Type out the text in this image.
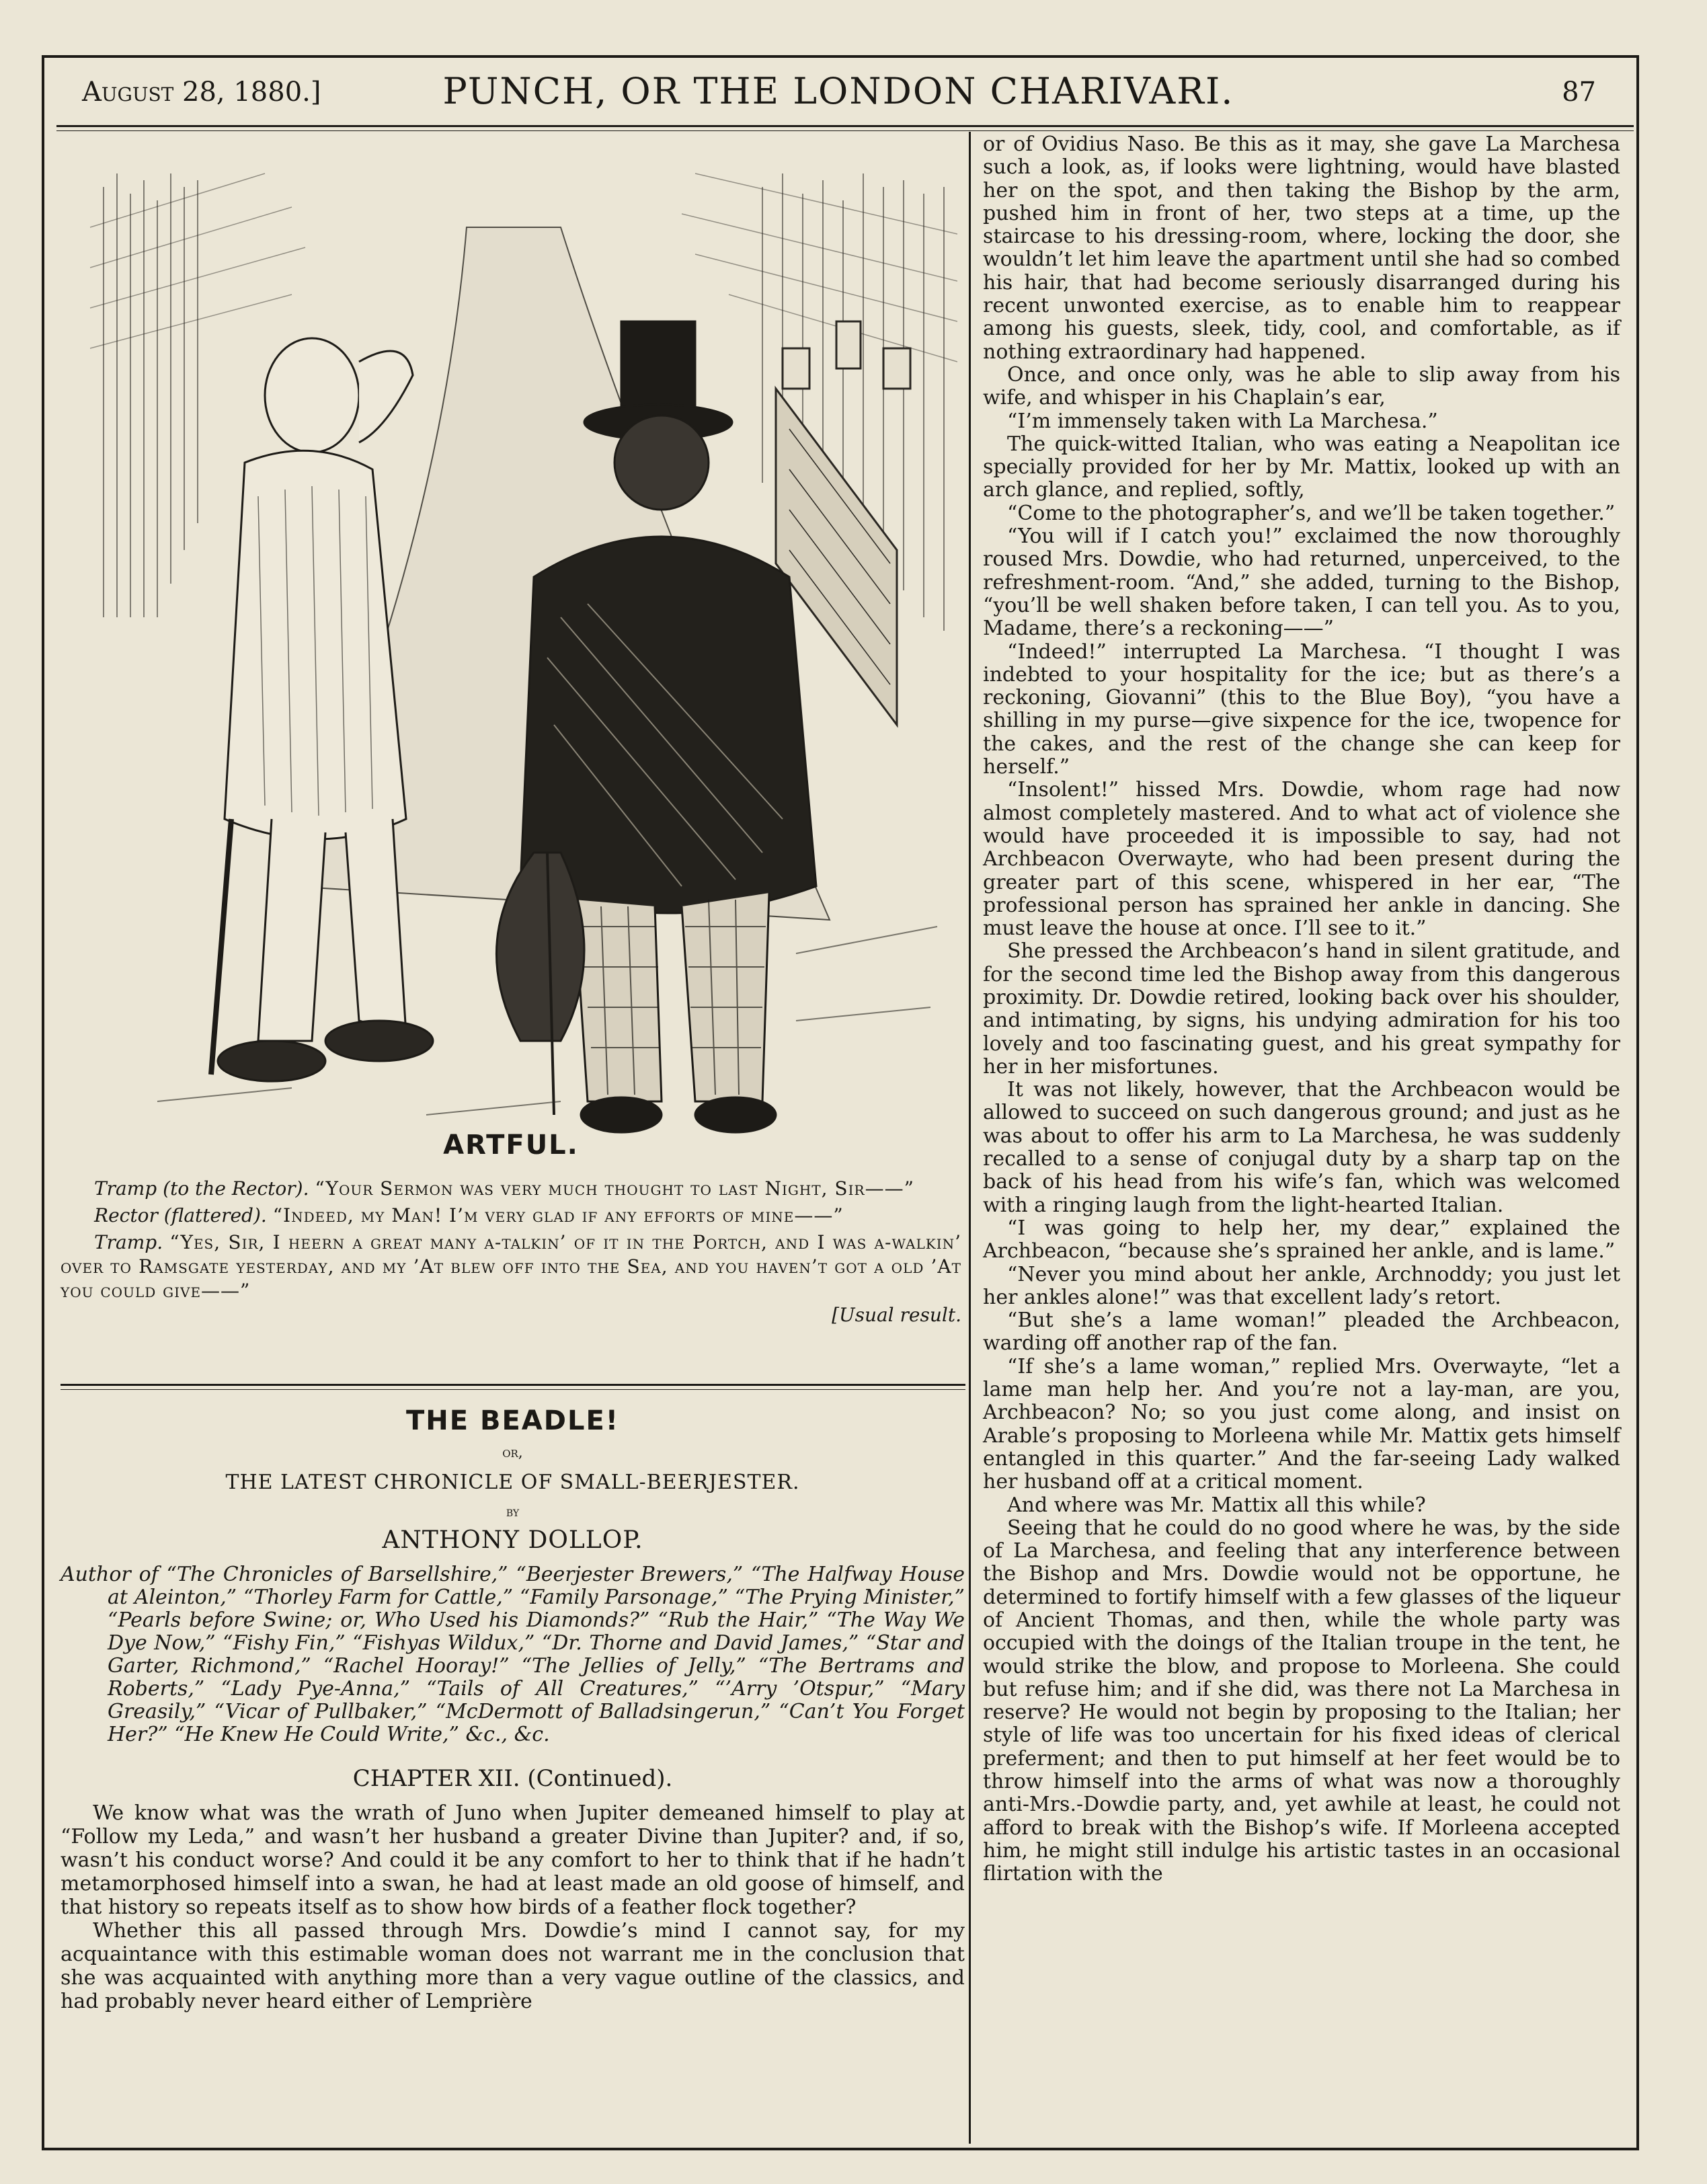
August 28, 1880.]	PUNCH, OR THE LONDON CHARIVARI.	87
ARTFUL.

Tramp (to the Rector). “Your Sermon was very much thought to last Night, Sir——”

Rector (flattered). “Indeed, my Man! I’m very glad if any efforts of mine——”

Tramp. “Yes, Sir, I heern a great many a-talkin’ of it in the Portch, and I was a-walkin’ over to Ramsgate yesterday, and my ’At blew off into the Sea, and you haven’t got a old ’At you could give——”

[Usual result.
THE BEADLE!
or,
THE LATEST CHRONICLE OF SMALL-BEERJESTER.
by
ANTHONY DOLLOP.

Author of “The Chronicles of Barsellshire,” “Beerjester Brewers,” “The Halfway House at Aleinton,” “Thorley Farm for Cattle,” “Family Parsonage,” “The Prying Minister,” “Pearls before Swine; or, Who Used his Diamonds?” “Rub the Hair,” “The Way We Dye Now,” “Fishy Fin,” “Fishyas Wildux,” “Dr. Thorne and David James,” “Star and Garter, Richmond,” “Rachel Hooray!” “The Jellies of Jelly,” “The Bertrams and Roberts,” “Lady Pye-Anna,” “Tails of All Creatures,” “’Arry ’Otspur,” “Mary Greasily,” “Vicar of Pullbaker,” “McDermott of Balladsingerun,” “Can’t You Forget Her?” “He Knew He Could Write,” &c., &c.

CHAPTER XII. (Continued).

We know what was the wrath of Juno when Jupiter demeaned himself to play at “Follow my Leda,” and wasn’t her husband a greater Divine than Jupiter? and, if so, wasn’t his conduct worse? And could it be any comfort to her to think that if he hadn’t metamorphosed himself into a swan, he had at least made an old goose of himself, and that history so repeats itself as to show how birds of a feather flock together?

Whether this all passed through Mrs. Dowdie’s mind I cannot say, for my acquaintance with this estimable woman does not warrant me in the conclusion that she was acquainted with anything more than a very vague outline of the classics, and had probably never heard either of Lemprière

or of Ovidius Naso. Be this as it may, she gave La Marchesa such a look, as, if looks were lightning, would have blasted her on the spot, and then taking the Bishop by the arm, pushed him in front of her, two steps at a time, up the staircase to his dressing-room, where, locking the door, she wouldn’t let him leave the apartment until she had so combed his hair, that had become seriously disarranged during his recent unwonted exercise, as to enable him to reappear among his guests, sleek, tidy, cool, and comfortable, as if nothing extraordinary had happened.

Once, and once only, was he able to slip away from his wife, and whisper in his Chaplain’s ear,

“I’m immensely taken with La Marchesa.”

The quick-witted Italian, who was eating a Neapolitan ice specially provided for her by Mr. Mattix, looked up with an arch glance, and replied, softly,

“Come to the photographer’s, and we’ll be taken together.”

“You will if I catch you!” exclaimed the now thoroughly roused Mrs. Dowdie, who had returned, unperceived, to the refreshment-room. “And,” she added, turning to the Bishop, “you’ll be well shaken before taken, I can tell you. As to you, Madame, there’s a reckoning——”

“Indeed!” interrupted La Marchesa. “I thought I was indebted to your hospitality for the ice; but as there’s a reckoning, Giovanni” (this to the Blue Boy), “you have a shilling in my purse—give sixpence for the ice, twopence for the cakes, and the rest of the change she can keep for herself.”

“Insolent!” hissed Mrs. Dowdie, whom rage had now almost completely mastered. And to what act of violence she would have proceeded it is impossible to say, had not Archbeacon Overwayte, who had been present during the greater part of this scene, whispered in her ear, “The professional person has sprained her ankle in dancing. She must leave the house at once. I’ll see to it.”

She pressed the Archbeacon’s hand in silent gratitude, and for the second time led the Bishop away from this dangerous proximity. Dr. Dowdie retired, looking back over his shoulder, and intimating, by signs, his undying admiration for his too lovely and too fascinating guest, and his great sympathy for her in her misfortunes.

It was not likely, however, that the Archbeacon would be allowed to succeed on such dangerous ground; and just as he was about to offer his arm to La Marchesa, he was suddenly recalled to a sense of conjugal duty by a sharp tap on the back of his head from his wife’s fan, which was welcomed with a ringing laugh from the light-hearted Italian.

“I was going to help her, my dear,” explained the Archbeacon, “because she’s sprained her ankle, and is lame.”

“Never you mind about her ankle, Archnoddy; you just let her ankles alone!” was that excellent lady’s retort.

“But she’s a lame woman!” pleaded the Archbeacon, warding off another rap of the fan.

“If she’s a lame woman,” replied Mrs. Overwayte, “let a lame man help her. And you’re not a lay-man, are you, Archbeacon? No; so you just come along, and insist on Arable’s proposing to Morleena while Mr. Mattix gets himself entangled in this quarter.” And the far-seeing Lady walked her husband off at a critical moment.

And where was Mr. Mattix all this while?

Seeing that he could do no good where he was, by the side of La Marchesa, and feeling that any interference between the Bishop and Mrs. Dowdie would not be opportune, he determined to fortify himself with a few glasses of the liqueur of Ancient Thomas, and then, while the whole party was occupied with the doings of the Italian troupe in the tent, he would strike the blow, and propose to Morleena. She could but refuse him; and if she did, was there not La Marchesa in reserve? He would not begin by proposing to the Italian; her style of life was too uncertain for his fixed ideas of clerical preferment; and then to put himself at her feet would be to throw himself into the arms of what was now a thoroughly anti-Mrs.-Dowdie party, and, yet awhile at least, he could not afford to break with the Bishop’s wife. If Morleena accepted him, he might still indulge his artistic tastes in an occasional flirtation with the
